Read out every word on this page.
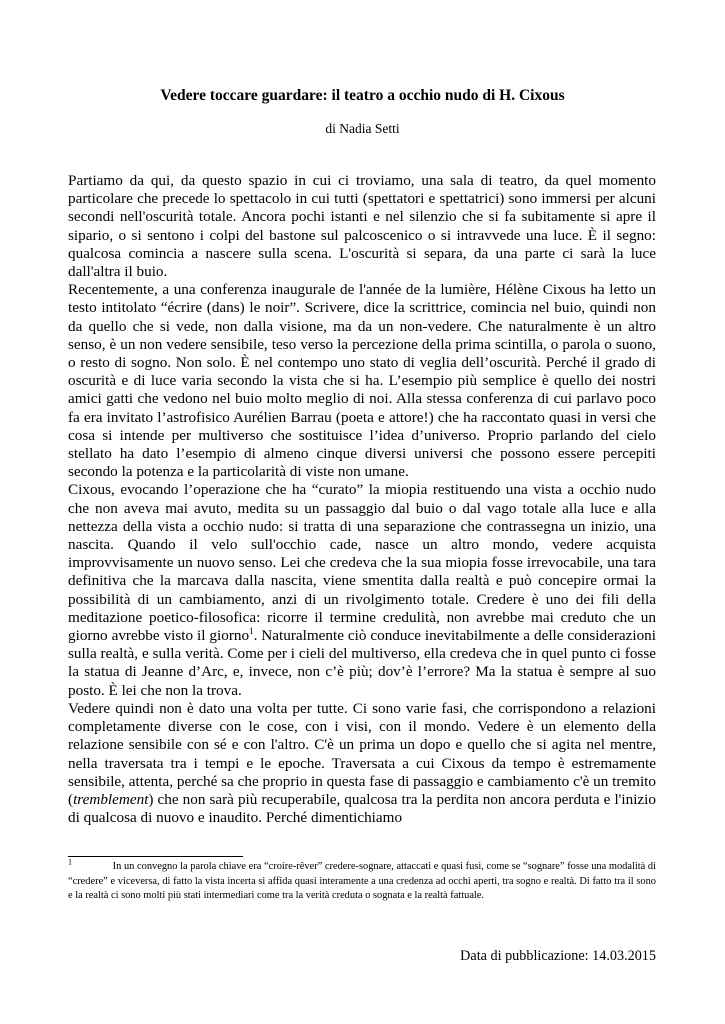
Vedere toccare guardare: il teatro a occhio nudo di H. Cixous
di Nadia Setti

Partiamo da qui, da questo spazio in cui ci troviamo, una sala di teatro, da quel momento particolare che precede lo spettacolo in cui tutti (spettatori e spettatrici) sono immersi per alcuni secondi nell'oscurità totale. Ancora pochi istanti e nel silenzio che si fa subitamente si apre il sipario, o si sentono i colpi del bastone sul palcoscenico o si intravvede una luce. È il segno: qualcosa comincia a nascere sulla scena. L'oscurità si separa, da una parte ci sarà la luce dall'altra il buio.

Recentemente, a una conferenza inaugurale de l'année de la lumière, Hélène Cixous ha letto un testo intitolato “écrire (dans) le noir”. Scrivere, dice la scrittrice, comincia nel buio, quindi non da quello che si vede, non dalla visione, ma da un non-vedere. Che naturalmente è un altro senso, è un non vedere sensibile, teso verso la percezione della prima scintilla, o parola o suono, o resto di sogno. Non solo. È nel contempo uno stato di veglia dell’oscurità. Perché il grado di oscurità e di luce varia secondo la vista che si ha. L’esempio più semplice è quello dei nostri amici gatti che vedono nel buio molto meglio di noi. Alla stessa conferenza di cui parlavo poco fa era invitato l’astrofisico Aurélien Barrau (poeta e attore!) che ha raccontato quasi in versi che cosa si intende per multiverso che sostituisce l’idea d’universo. Proprio parlando del cielo stellato ha dato l’esempio di almeno cinque diversi universi che possono essere percepiti secondo la potenza e la particolarità di viste non umane.

Cixous, evocando l’operazione che ha “curato” la miopia restituendo una vista a occhio nudo che non aveva mai avuto, medita su un passaggio dal buio o dal vago totale alla luce e alla nettezza della vista a occhio nudo: si tratta di una separazione che contrassegna un inizio, una nascita. Quando il velo sull'occhio cade, nasce un altro mondo, vedere acquista improvvisamente un nuovo senso. Lei che credeva che la sua miopia fosse irrevocabile, una tara definitiva che la marcava dalla nascita, viene smentita dalla realtà e può concepire ormai la possibilità di un cambiamento, anzi di un rivolgimento totale. Credere è uno dei fili della meditazione poetico-filosofica: ricorre il termine credulità, non avrebbe mai creduto che un giorno avrebbe visto il giorno$^1$. Naturalmente ciò conduce inevitabilmente a delle considerazioni sulla realtà, e sulla verità. Come per i cieli del multiverso, ella credeva che in quel punto ci fosse la statua di Jeanne d’Arc, e, invece, non c’è più; dov’è l’errore? Ma la statua è sempre al suo posto. È lei che non la trova.

Vedere quindi non è dato una volta per tutte. Ci sono varie fasi, che corrispondono a relazioni completamente diverse con le cose, con i visi, con il mondo. Vedere è un elemento della relazione sensibile con sé e con l'altro. C'è un prima un dopo e quello che si agita nel mentre, nella traversata tra i tempi e le epoche. Traversata a cui Cixous da tempo è estremamente sensibile, attenta, perché sa che proprio in questa fase di passaggio e cambiamento c'è un tremito (tremblement) che non sarà più recuperabile, qualcosa tra la perdita non ancora perduta e l'inizio di qualcosa di nuovo e inaudito. Perché dimentichiamo

$^1$	In un convegno la parola chiave era “croire-rêver” credere-sognare, attaccati e quasi fusi, come se “sognare” fosse una modalità di “credere” e viceversa, di fatto la vista incerta si affida quasi interamente a una credenza ad occhi aperti, tra sogno e realtà. Di fatto tra il sono e la realtà ci sono molti più stati intermediari come tra la verità creduta o sognata e la realtà fattuale.
Data di pubblicazione: 14.03.2015
